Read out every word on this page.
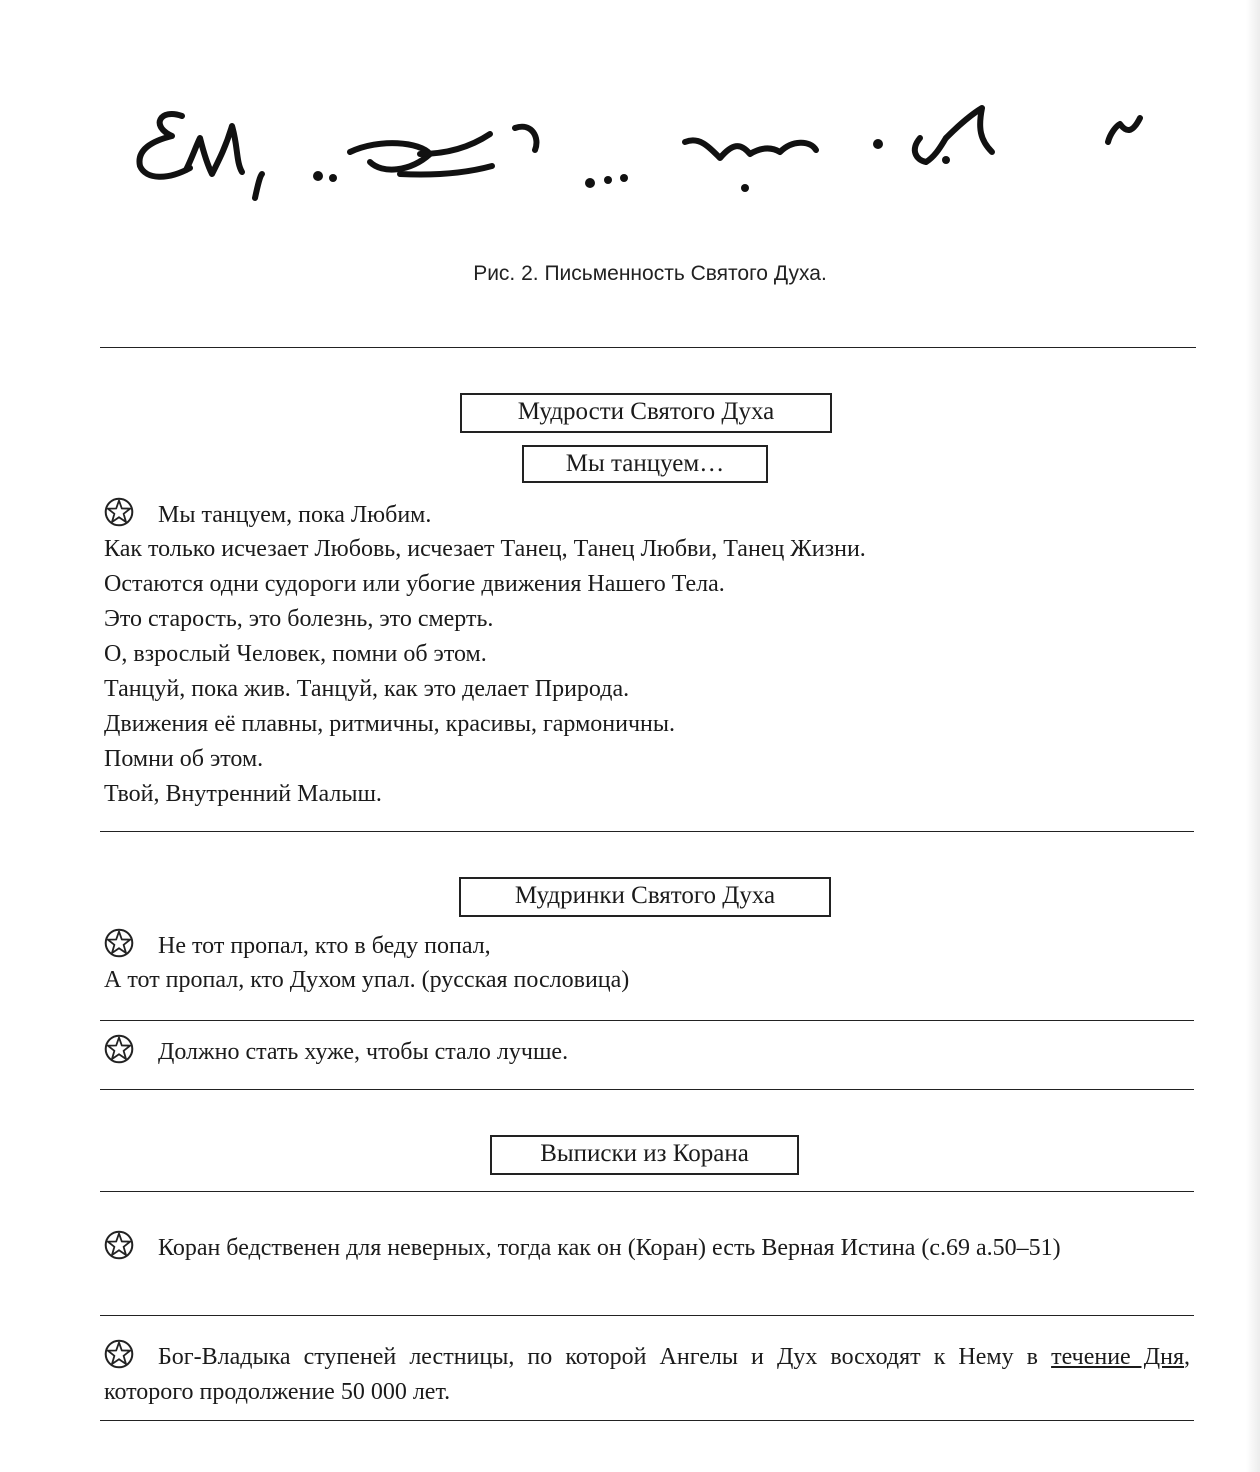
Рис. 2. Письменность Святого Духа.
Мудрости Святого Духа
Мы танцуем…
Мы танцуем, пока Любим.
Как только исчезает Любовь, исчезает Танец, Танец Любви, Танец Жизни.
Остаются одни судороги или убогие движения Нашего Тела.
Это старость, это болезнь, это смерть.
О, взрослый Человек, помни об этом.
Танцуй, пока жив. Танцуй, как это делает Природа.
Движения её плавны, ритмичны, красивы, гармоничны.
Помни об этом.
Твой, Внутренний Малыш.
Мудринки Святого Духа
Не тот пропал, кто в беду попал,
А тот пропал, кто Духом упал. (русская пословица)
Должно стать хуже, чтобы стало лучше.
Выписки из Корана
Коран бедственен для неверных, тогда как он (Коран) есть Верная Истина (с.69 а.50–51)
Бог-Владыка ступеней лестницы, по которой Ангелы и Дух восходят к Нему в течение Дня, которого продолжение 50 000 лет.
